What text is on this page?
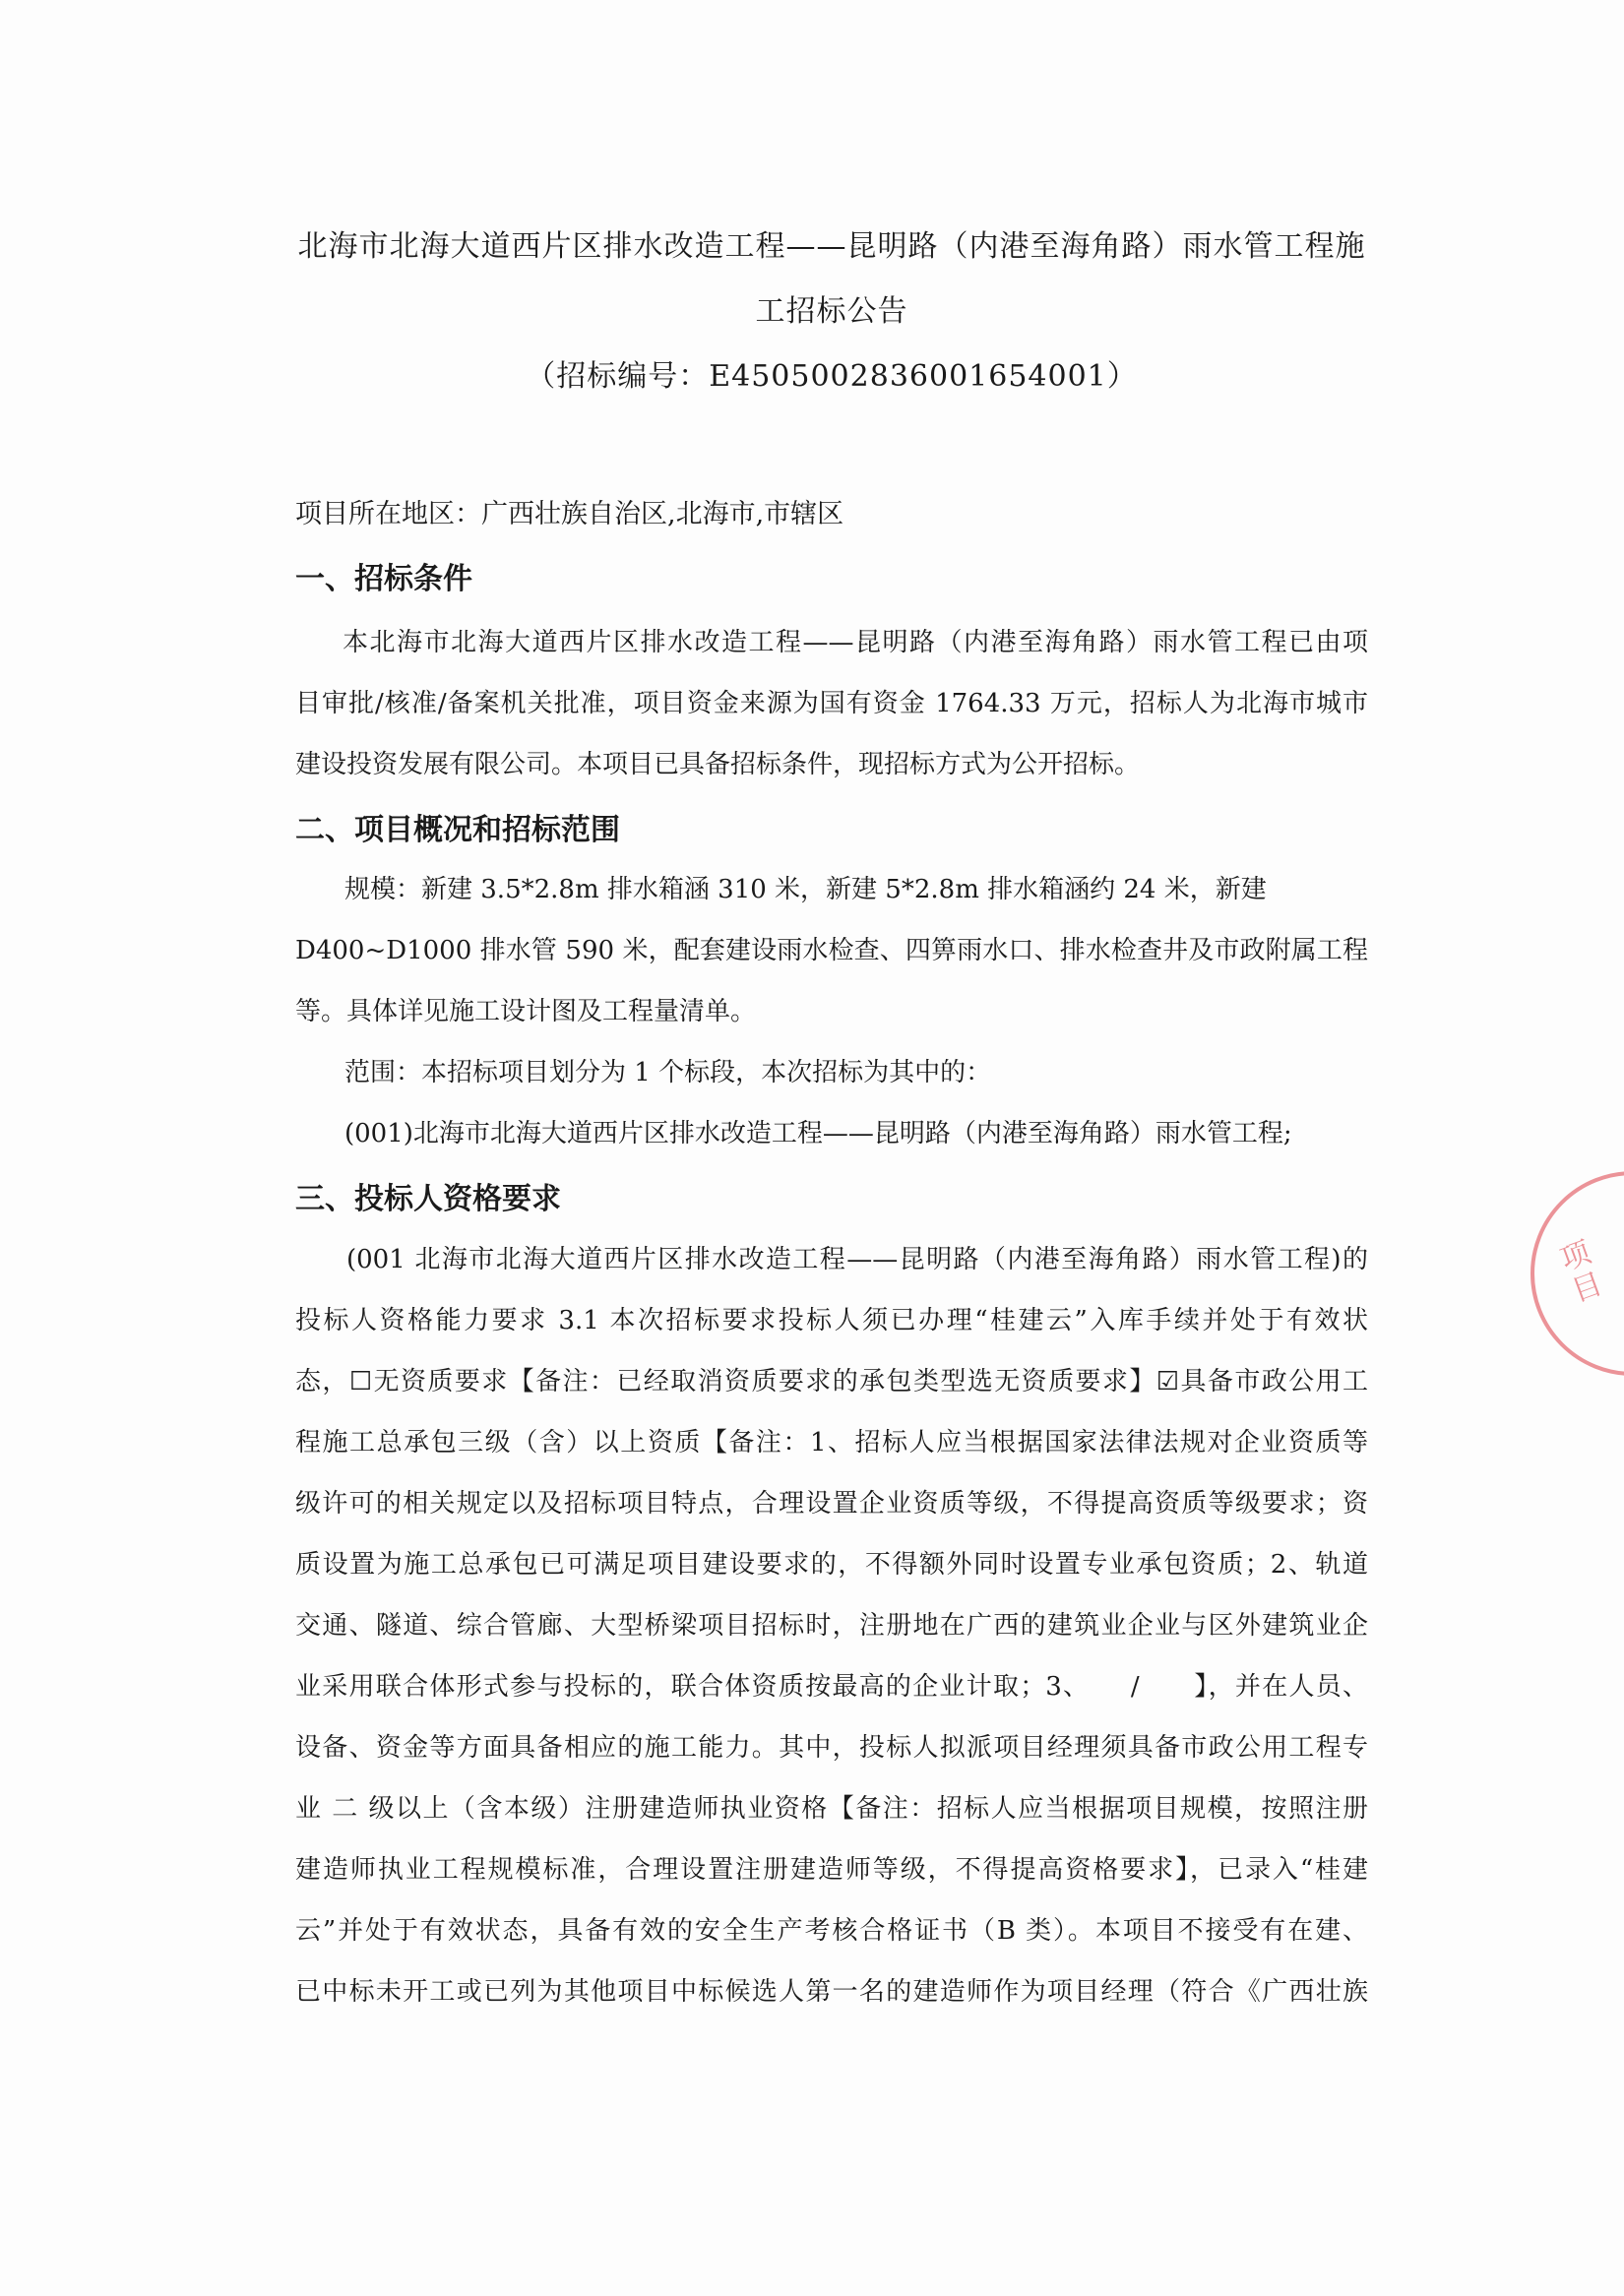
北海市北海大道西片区排水改造工程——昆明路（内港至海角路）雨水管工程施
工招标公告
（招标编号：E4505002836001654001）
项目所在地区：广西壮族自治区,北海市,市辖区
一、招标条件
本北海市北海大道西片区排水改造工程——昆明路（内港至海角路）雨水管工程已由项
目审批/核准/备案机关批准，项目资金来源为国有资金 1764.33 万元，招标人为北海市城市
建设投资发展有限公司。本项目已具备招标条件，现招标方式为公开招标。
二、项目概况和招标范围
规模：新建 3.5*2.8m 排水箱涵 310 米，新建 5*2.8m 排水箱涵约 24 米，新建
D400~D1000 排水管 590 米，配套建设雨水检查、四箅雨水口、排水检查井及市政附属工程
等。具体详见施工设计图及工程量清单。
范围：本招标项目划分为 1 个标段，本次招标为其中的：
(001)北海市北海大道西片区排水改造工程——昆明路（内港至海角路）雨水管工程;
三、投标人资格要求
(001 北海市北海大道西片区排水改造工程——昆明路（内港至海角路）雨水管工程)的
投标人资格能力要求 3.1 本次招标要求投标人须已办理“桂建云”入库手续并处于有效状
态，☐无资质要求【备注：已经取消资质要求的承包类型选无资质要求】☑具备市政公用工
程施工总承包三级（含）以上资质【备注：1、招标人应当根据国家法律法规对企业资质等
级许可的相关规定以及招标项目特点，合理设置企业资质等级，不得提高资质等级要求；资
质设置为施工总承包已可满足项目建设要求的，不得额外同时设置专业承包资质；2、轨道
交通、隧道、综合管廊、大型桥梁项目招标时，注册地在广西的建筑业企业与区外建筑业企
业采用联合体形式参与投标的，联合体资质按最高的企业计取；3、　　/　　】，并在人员、
设备、资金等方面具备相应的施工能力。其中，投标人拟派项目经理须具备市政公用工程专
业 二 级以上（含本级）注册建造师执业资格【备注：招标人应当根据项目规模，按照注册
建造师执业工程规模标准，合理设置注册建造师等级，不得提高资格要求】，已录入“桂建
云”并处于有效状态，具备有效的安全生产考核合格证书（B 类）。本项目不接受有在建、
已中标未开工或已列为其他项目中标候选人第一名的建造师作为项目经理（符合《广西壮族
项
目
